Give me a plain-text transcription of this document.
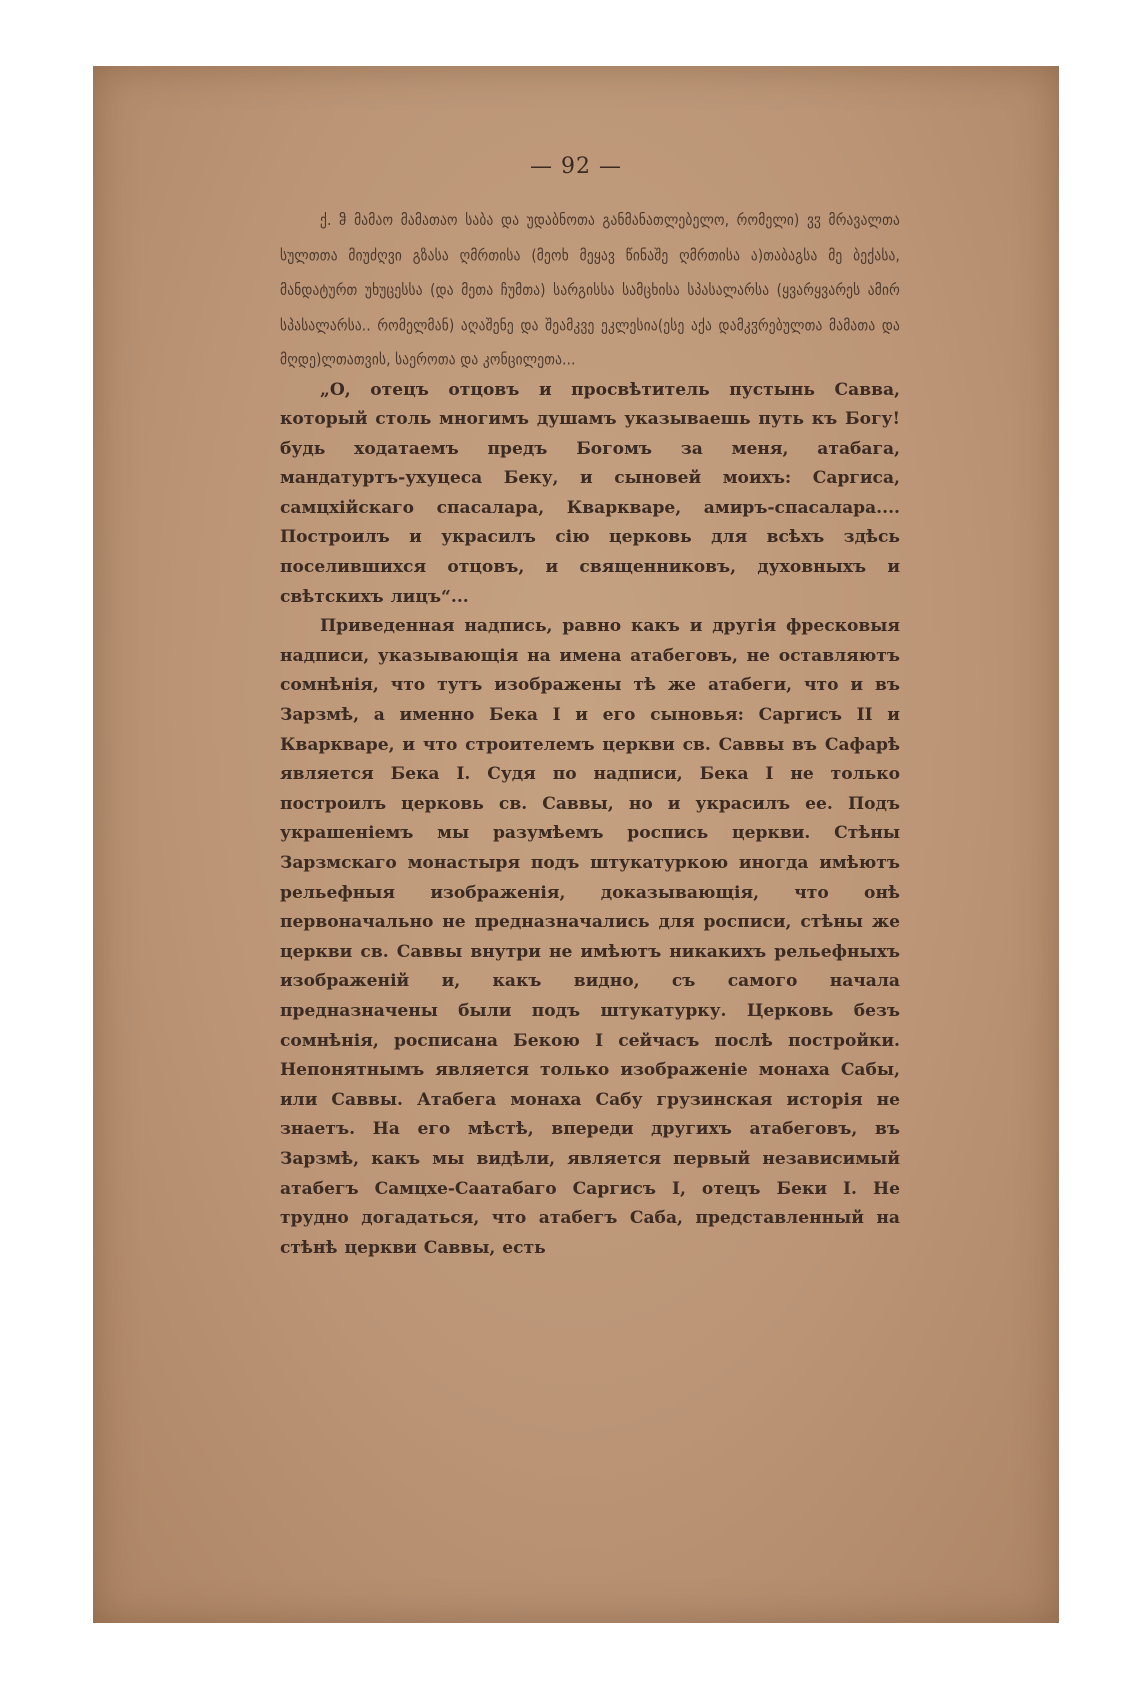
— 92 —

ქ. ჵ მამაო მამათაო საბა და უდაბნოთა განმანათლებელო, რომელი) ვჳ მრავალთა სულთთა მიუძღვი გზასა ღმრთისა (მეოხ მეყავ წინაშე ღმრთისა ა)თაბაგსა მე ბექასა, მანდატურთ უხუცესსა (და მეთა ჩუმთა) სარგისსა სამცხისა სპასალარსა (ყვარყვარეს ამირ სპასალარსა.. რომელმან) აღაშენე და შეამკვე ეკლესია(ესე აქა დამკჳრებულთა მამათა და მღდე)ლთათვის, საეროთა და კონცილეთა...

„О, отецъ отцовъ и просвѣтитель пустынь Савва, который столь многимъ душамъ указываешь путь къ Богу! будь ходатаемъ предъ Богомъ за меня, атабага, мандатуртъ-ухуцеса Беку, и сыновей моихъ: Саргиса, самцхійскаго спасалара, Кваркваре, амиръ-спасалара.... Построилъ и украсилъ сію церковь для всѣхъ здѣсь поселившихся отцовъ, и священниковъ, духовныхъ и свѣтскихъ лицъ“...

Приведенная надпись, равно какъ и другія фресковыя надписи, указывающія на имена атабеговъ, не оставляютъ сомнѣнія, что тутъ изображены тѣ же атабеги, что и въ Зарзмѣ, а именно Бека I и его сыновья: Саргисъ II и Кваркваре, и что строителемъ церкви св. Саввы въ Сафарѣ является Бека I. Судя по надписи, Бека I не только построилъ церковь св. Саввы, но и украсилъ ее. Подъ украшеніемъ мы разумѣемъ роспись церкви. Стѣны Зарзмскаго монастыря подъ штукатуркою иногда имѣютъ рельефныя изображенія, доказывающія, что онѣ первоначально не предназначались для росписи, стѣны же церкви св. Саввы внутри не имѣютъ никакихъ рельефныхъ изображеній и, какъ видно, съ самого начала предназначены были подъ штукатурку. Церковь безъ сомнѣнія, росписана Бекою I сейчасъ послѣ постройки. Непонятнымъ является только изображеніе монаха Сабы, или Саввы. Атабега монаха Сабу грузинская исторія не знаетъ. На его мѣстѣ, впереди другихъ атабеговъ, въ Зарзмѣ, какъ мы видѣли, является первый независимый атабегъ Самцхе-Саатабаго Саргисъ I, отецъ Беки I. Не трудно догадаться, что атабегъ Саба, представленный на стѣнѣ церкви Саввы, есть
